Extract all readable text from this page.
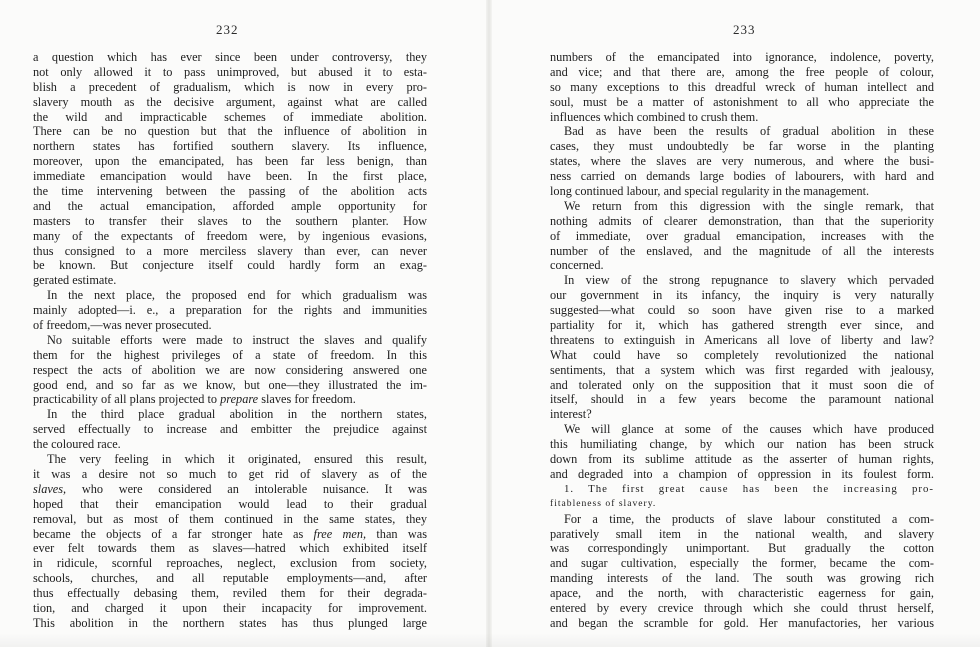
232
a question which has ever since been under controversy, they
not only allowed it to pass unimproved, but abused it to esta-
blish a precedent of gradualism, which is now in every pro-
slavery mouth as the decisive argument, against what are called
the wild and impracticable schemes of immediate abolition.
There can be no question but that the influence of abolition in
northern states has fortified southern slavery. Its influence,
moreover, upon the emancipated, has been far less benign, than
immediate emancipation would have been. In the first place,
the time intervening between the passing of the abolition acts
and the actual emancipation, afforded ample opportunity for
masters to transfer their slaves to the southern planter. How
many of the expectants of freedom were, by ingenious evasions,
thus consigned to a more merciless slavery than ever, can never
be known. But conjecture itself could hardly form an exag-
gerated estimate.
In the next place, the proposed end for which gradualism was
mainly adopted—i. e., a preparation for the rights and immunities
of freedom,—was never prosecuted.
No suitable efforts were made to instruct the slaves and qualify
them for the highest privileges of a state of freedom. In this
respect the acts of abolition we are now considering answered one
good end, and so far as we know, but one—they illustrated the im-
practicability of all plans projected to prepare slaves for freedom.
In the third place gradual abolition in the northern states,
served effectually to increase and embitter the prejudice against
the coloured race.
The very feeling in which it originated, ensured this result,
it was a desire not so much to get rid of slavery as of the
slaves, who were considered an intolerable nuisance. It was
hoped that their emancipation would lead to their gradual
removal, but as most of them continued in the same states, they
became the objects of a far stronger hate as free men, than was
ever felt towards them as slaves—hatred which exhibited itself
in ridicule, scornful reproaches, neglect, exclusion from society,
schools, churches, and all reputable employments—and, after
thus effectually debasing them, reviled them for their degrada-
tion, and charged it upon their incapacity for improvement.
This abolition in the northern states has thus plunged large
233
numbers of the emancipated into ignorance, indolence, poverty,
and vice; and that there are, among the free people of colour,
so many exceptions to this dreadful wreck of human intellect and
soul, must be a matter of astonishment to all who appreciate the
influences which combined to crush them.
Bad as have been the results of gradual abolition in these
cases, they must undoubtedly be far worse in the planting
states, where the slaves are very numerous, and where the busi-
ness carried on demands large bodies of labourers, with hard and
long continued labour, and special regularity in the management.
We return from this digression with the single remark, that
nothing admits of clearer demonstration, than that the superiority
of immediate, over gradual emancipation, increases with the
number of the enslaved, and the magnitude of all the interests
concerned.
In view of the strong repugnance to slavery which pervaded
our government in its infancy, the inquiry is very naturally
suggested—what could so soon have given rise to a marked
partiality for it, which has gathered strength ever since, and
threatens to extinguish in Americans all love of liberty and law?
What could have so completely revolutionized the national
sentiments, that a system which was first regarded with jealousy,
and tolerated only on the supposition that it must soon die of
itself, should in a few years become the paramount national
interest?
We will glance at some of the causes which have produced
this humiliating change, by which our nation has been struck
down from its sublime attitude as the asserter of human rights,
and degraded into a champion of oppression in its foulest form.
1. The first great cause has been the increasing pro-
fitableness of slavery.
For a time, the products of slave labour constituted a com-
paratively small item in the national wealth, and slavery
was correspondingly unimportant. But gradually the cotton
and sugar cultivation, especially the former, became the com-
manding interests of the land. The south was growing rich
apace, and the north, with characteristic eagerness for gain,
entered by every crevice through which she could thrust herself,
and began the scramble for gold. Her manufactories, her various
